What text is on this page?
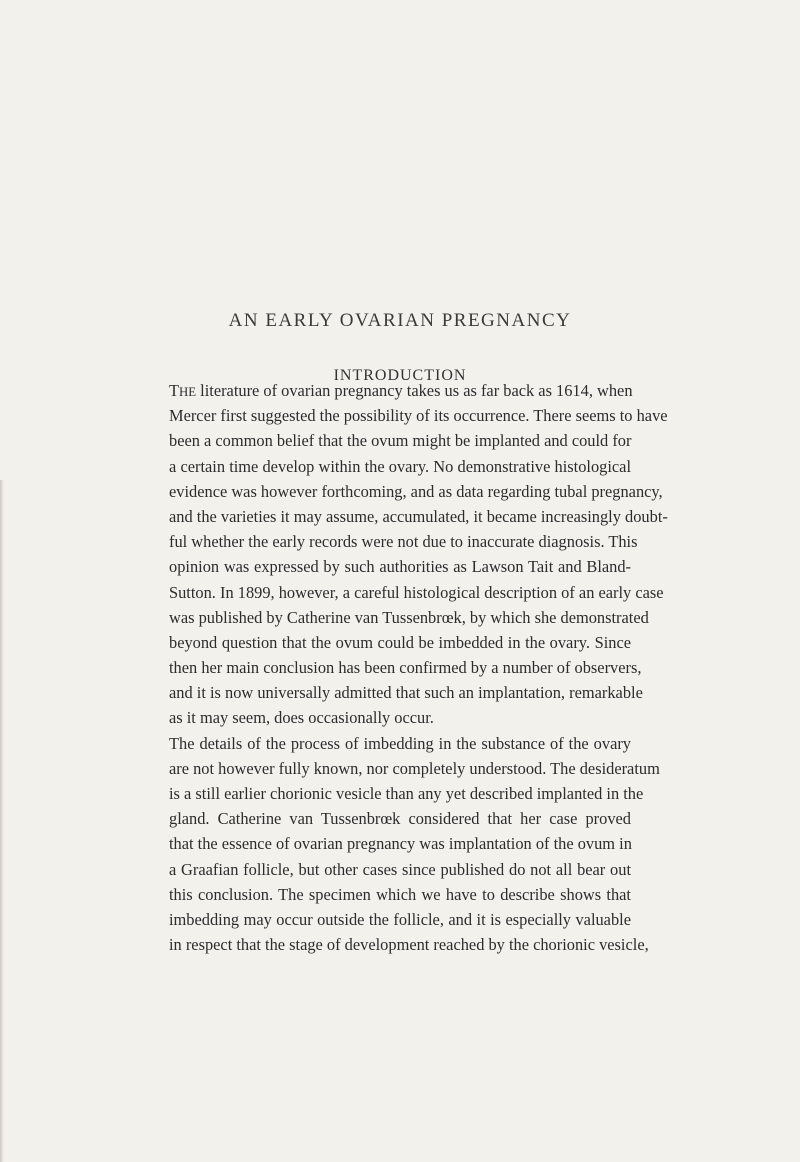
AN EARLY OVARIAN PREGNANCY
INTRODUCTION
THE literature of ovarian pregnancy takes us as far back as 1614, when
Mercer first suggested the possibility of its occurrence. There seems to have
been a common belief that the ovum might be implanted and could for
a certain time develop within the ovary. No demonstrative histological
evidence was however forthcoming, and as data regarding tubal pregnancy,
and the varieties it may assume, accumulated, it became increasingly doubt-
ful whether the early records were not due to inaccurate diagnosis. This
opinion was expressed by such authorities as Lawson Tait and Bland-
Sutton. In 1899, however, a careful histological description of an early case
was published by Catherine van Tussenbrœk, by which she demonstrated
beyond question that the ovum could be imbedded in the ovary. Since
then her main conclusion has been confirmed by a number of observers,
and it is now universally admitted that such an implantation, remarkable
as it may seem, does occasionally occur.
The details of the process of imbedding in the substance of the ovary
are not however fully known, nor completely understood. The desideratum
is a still earlier chorionic vesicle than any yet described implanted in the
gland. Catherine van Tussenbrœk considered that her case proved
that the essence of ovarian pregnancy was implantation of the ovum in
a Graafian follicle, but other cases since published do not all bear out
this conclusion. The specimen which we have to describe shows that
imbedding may occur outside the follicle, and it is especially valuable
in respect that the stage of development reached by the chorionic vesicle,
